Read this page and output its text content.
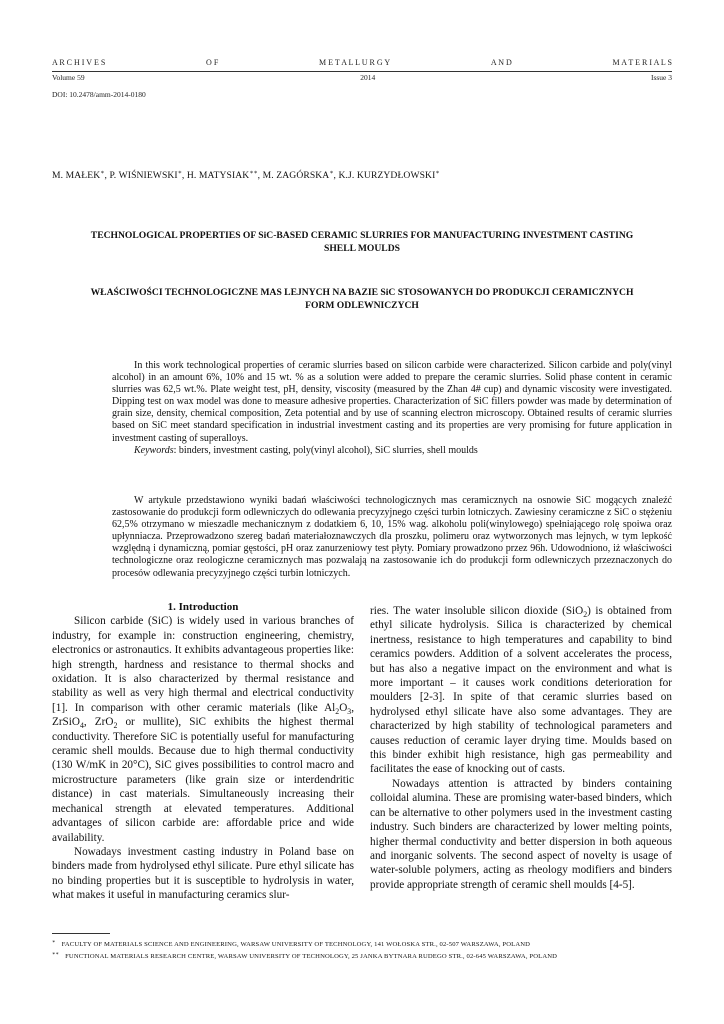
A R C H I V E S	O F	M E T A L L U R G Y	A N D	M A T E R I A L S
Volume 59	2014	Issue 3
DOI: 10.2478/amm-2014-0180
M. MAŁEK∗, P. WIŚNIEWSKI∗, H. MATYSIAK∗∗, M. ZAGÓRSKA∗, K.J. KURZYDŁOWSKI∗
TECHNOLOGICAL PROPERTIES OF SiC-BASED CERAMIC SLURRIES FOR MANUFACTURING INVESTMENT CASTING
SHELL MOULDS
WŁAŚCIWOŚCI TECHNOLOGICZNE MAS LEJNYCH NA BAZIE SiC STOSOWANYCH DO PRODUKCJI CERAMICZNYCH
FORM ODLEWNICZYCH

In this work technological properties of ceramic slurries based on silicon carbide were characterized. Silicon carbide and poly(vinyl alcohol) in an amount 6%, 10% and 15 wt. % as a solution were added to prepare the ceramic slurries. Solid phase content in ceramic slurries was 62,5 wt.%. Plate weight test, pH, density, viscosity (measured by the Zhan 4# cup) and dynamic viscosity were investigated. Dipping test on wax model was done to measure adhesive properties. Characterization of SiC fillers powder was made by determination of grain size, density, chemical composition, Zeta potential and by use of scanning electron microscopy. Obtained results of ceramic slurries based on SiC meet standard specification in industrial investment casting and its properties are very promising for future application in investment casting of superalloys.

Keywords: binders, investment casting, poly(vinyl alcohol), SiC slurries, shell moulds

W artykule przedstawiono wyniki badań właściwości technologicznych mas ceramicznych na osnowie SiC mogących znaleźć zastosowanie do produkcji form odlewniczych do odlewania precyzyjnego części turbin lotniczych. Zawiesiny ceramiczne z SiC o stężeniu 62,5% otrzymano w mieszadle mechanicznym z dodatkiem 6, 10, 15% wag. alkoholu poli(winylowego) spełniającego rolę spoiwa oraz upłynniacza. Przeprowadzono szereg badań materiałoznawczych dla proszku, polimeru oraz wytworzonych mas lejnych, w tym lepkość względną i dynamiczną, pomiar gęstości, pH oraz zanurzeniowy test płyty. Pomiary prowadzono przez 96h. Udowodniono, iż właściwości technologiczne oraz reologiczne ceramicznych mas pozwalają na zastosowanie ich do produkcji form odlewniczych przeznaczonych do procesów odlewania precyzyjnego części turbin lotniczych.

1. Introduction

Silicon carbide (SiC) is widely used in various branches of industry, for example in: construction engineering, chemistry, electronics or astronautics. It exhibits advantageous properties like: high strength, hardness and resistance to thermal shocks and oxidation. It is also characterized by thermal resistance and stability as well as very high thermal and electrical conductivity [1]. In comparison with other ceramic materials (like $Al_2O_3$, ZrSiO$_4$, ZrO$_2$ or mullite), SiC exhibits the highest thermal conductivity. Therefore SiC is potentially useful for manufacturing ceramic shell moulds. Because due to high thermal conductivity (130 W/mK in 20°C), SiC gives possibilities to control macro and microstructure parameters (like grain size or interdendritic distance) in cast materials. Simultaneously increasing their mechanical strength at elevated temperatures. Additional advantages of silicon carbide are: affordable price and wide availability.

Nowadays investment casting industry in Poland base on binders made from hydrolysed ethyl silicate. Pure ethyl silicate has no binding properties but it is susceptible to hydrolysis in water, what makes it useful in manufacturing ceramics slur-

ries. The water insoluble silicon dioxide (SiO$_2$) is obtained from ethyl silicate hydrolysis. Silica is characterized by chemical inertness, resistance to high temperatures and capability to bind ceramics powders. Addition of a solvent accelerates the process, but has also a negative impact on the environment and what is more important – it causes work conditions deterioration for moulders [2-3]. In spite of that ceramic slurries based on hydrolysed ethyl silicate have also some advantages. They are characterized by high stability of technological parameters and causes reduction of ceramic layer drying time. Moulds based on this binder exhibit high resistance, high gas permeability and facilitates the ease of knocking out of casts.

Nowadays attention is attracted by binders containing colloidal alumina. These are promising water-based binders, which can be alternative to other polymers used in the investment casting industry. Such binders are characterized by lower melting points, higher thermal conductivity and better dispersion in both aqueous and inorganic solvents. The second aspect of novelty is usage of water-soluble polymers, acting as rheology modifiers and binders provide appropriate strength of ceramic shell moulds [4-5].

∗ FACULTY OF MATERIALS SCIENCE AND ENGINEERING, WARSAW UNIVERSITY OF TECHNOLOGY, 141 WOŁOSKA STR., 02-507 WARSZAWA, POLAND
∗∗ FUNCTIONAL MATERIALS RESEARCH CENTRE, WARSAW UNIVERSITY OF TECHNOLOGY, 25 JANKA BYTNARA RUDEGO STR., 02-645 WARSZAWA, POLAND
